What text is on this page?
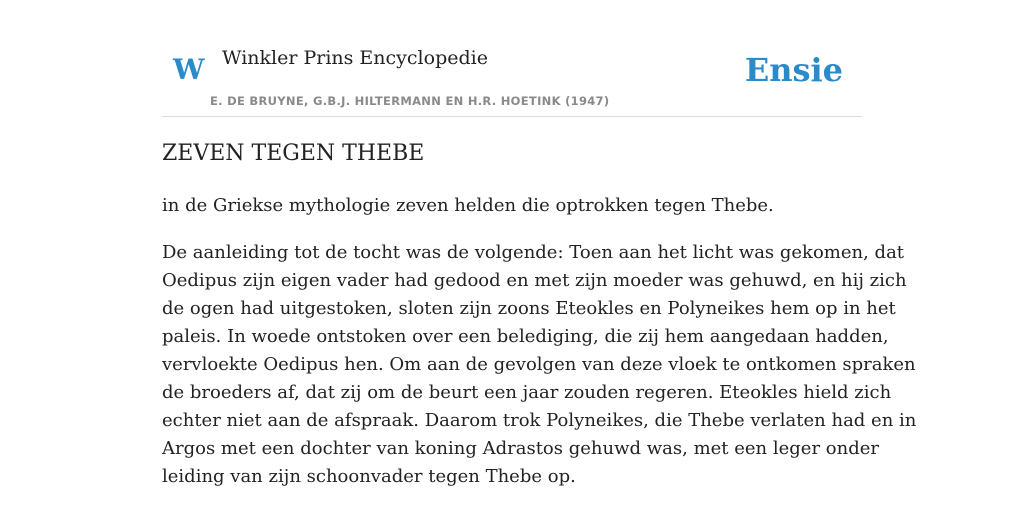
W Winkler Prins Encyclopedie
E. DE BRUYNE, G.B.J. HILTERMANN EN H.R. HOETINK (1947)
Ensie
ZEVEN TEGEN THEBE

in de Griekse mythologie zeven helden die optrokken tegen Thebe.

De aanleiding tot de tocht was de volgende: Toen aan het licht was gekomen, dat
Oedipus zijn eigen vader had gedood en met zijn moeder was gehuwd, en hij zich
de ogen had uitgestoken, sloten zijn zoons Eteokles en Polyneikes hem op in het
paleis. In woede ontstoken over een belediging, die zij hem aangedaan hadden,
vervloekte Oedipus hen. Om aan de gevolgen van deze vloek te ontkomen spraken
de broeders af, dat zij om de beurt een jaar zouden regeren. Eteokles hield zich
echter niet aan de afspraak. Daarom trok Polyneikes, die Thebe verlaten had en in
Argos met een dochter van koning Adrastos gehuwd was, met een leger onder
leiding van zijn schoonvader tegen Thebe op.
